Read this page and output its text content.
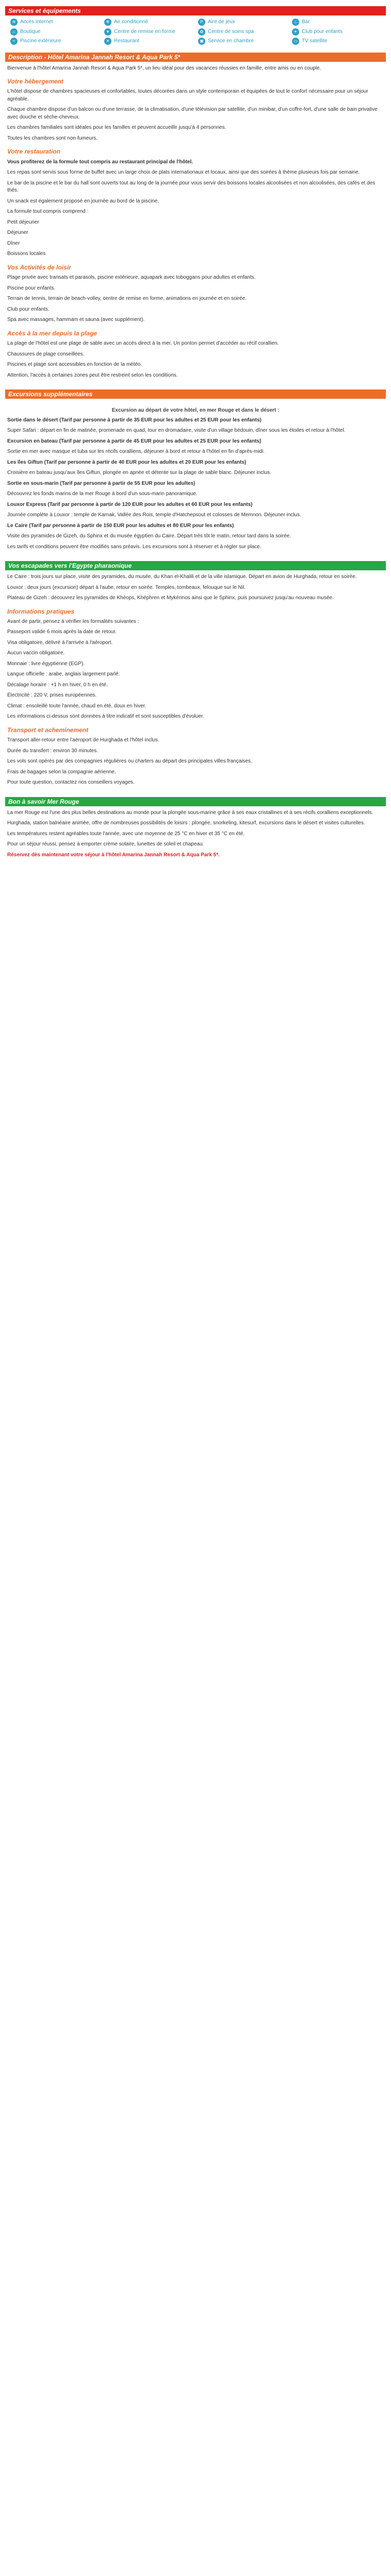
Services et équipements
≋ Accès internet	❄ Air conditionné	P Aire de jeux	♨ Bar
⌂ Boutique	♥ Centre de remise en forme	✿ Centre de soins spa	✦ Club pour enfants
≈ Piscine extérieure	✕ Restaurant	▣ Service en chambre	▭ TV satellite
Description - Hôtel Amarina Jannah Resort & Aqua Park 5*

Bienvenue à l'hôtel Amarina Jannah Resort & Aqua Park 5*, un lieu idéal pour des vacances réussies en famille, entre amis ou en couple.

Votre hébergement

L'hôtel dispose de chambres spacieuses et confortables, toutes décorées dans un style contemporain et équipées de tout le confort nécessaire pour un séjour agréable.

Chaque chambre dispose d'un balcon ou d'une terrasse, de la climatisation, d'une télévision par satellite, d'un minibar, d'un coffre-fort, d'une salle de bain privative avec douche et sèche-cheveux.

Les chambres familiales sont idéales pour les familles et peuvent accueillir jusqu'à 4 personnes.

Toutes les chambres sont non-fumeurs.

Votre restauration

Vous profiterez de la formule tout compris au restaurant principal de l'hôtel.

Les repas sont servis sous forme de buffet avec un large choix de plats internationaux et locaux, ainsi que des soirées à thème plusieurs fois par semaine.

Le bar de la piscine et le bar du hall sont ouverts tout au long de la journée pour vous servir des boissons locales alcoolisées et non alcoolisées, des cafés et des thés.

Un snack est également proposé en journée au bord de la piscine.

La formule tout compris comprend :

Petit déjeuner

Déjeuner

Dîner

Boissons locales

Vos Activités de loisir

Plage privée avec transats et parasols, piscine extérieure, aquapark avec toboggans pour adultes et enfants.

Piscine pour enfants.

Terrain de tennis, terrain de beach-volley, centre de remise en forme, animations en journée et en soirée.

Club pour enfants.

Spa avec massages, hammam et sauna (avec supplément).

Accès à la mer depuis la plage

La plage de l'hôtel est une plage de sable avec un accès direct à la mer. Un ponton permet d'accéder au récif corallien.

Chaussures de plage conseillées.

Piscines et plage sont accessibles en fonction de la météo.

Attention, l'accès à certaines zones peut être restreint selon les conditions.

Excursions supplémentaires
Excursion au départ de votre hôtel, en mer Rouge et dans le désert :

Sortie dans le désert (Tarif par personne à partir de 35 EUR pour les adultes et 25 EUR pour les enfants)

Super Safari : départ en fin de matinée, promenade en quad, tour en dromadaire, visite d'un village bédouin, dîner sous les étoiles et retour à l'hôtel.

Excursion en bateau (Tarif par personne à partir de 45 EUR pour les adultes et 25 EUR pour les enfants)

Sortie en mer avec masque et tuba sur les récifs coralliens, déjeuner à bord et retour à l'hôtel en fin d'après-midi.

Les îles Giftun (Tarif par personne à partir de 40 EUR pour les adultes et 20 EUR pour les enfants)

Croisière en bateau jusqu'aux îles Giftun, plongée en apnée et détente sur la plage de sable blanc. Déjeuner inclus.

Sortie en sous-marin (Tarif par personne à partir de 55 EUR pour les adultes)

Découvrez les fonds marins de la mer Rouge à bord d'un sous-marin panoramique.

Louxor Express (Tarif par personne à partir de 120 EUR pour les adultes et 60 EUR pour les enfants)

Journée complète à Louxor : temple de Karnak, Vallée des Rois, temple d'Hatchepsout et colosses de Memnon. Déjeuner inclus.

Le Caire (Tarif par personne à partir de 150 EUR pour les adultes et 80 EUR pour les enfants)

Visite des pyramides de Gizeh, du Sphinx et du musée égyptien du Caire. Départ très tôt le matin, retour tard dans la soirée.

Les tarifs et conditions peuvent être modifiés sans préavis. Les excursions sont à réserver et à régler sur place.

Vos escapades vers l'Egypte pharaonique

Le Caire : trois jours sur place, visite des pyramides, du musée, du Khan el-Khalili et de la ville islamique. Départ en avion de Hurghada, retour en soirée.

Louxor : deux jours (excursion) départ à l'aube, retour en soirée. Temples, tombeaux, felouque sur le Nil.

Plateau de Gizeh : découvrez les pyramides de Khéops, Khéphren et Mykérinos ainsi que le Sphinx, puis poursuivez jusqu'au nouveau musée.

Informations pratiques

Avant de partir, pensez à vérifier les formalités suivantes :

Passeport valide 6 mois après la date de retour.

Visa obligatoire, délivré à l'arrivée à l'aéroport.

Aucun vaccin obligatoire.

Monnaie : livre égyptienne (EGP).

Langue officielle : arabe, anglais largement parlé.

Décalage horaire : +1 h en hiver, 0 h en été.

Électricité : 220 V, prises européennes.

Climat : ensoleillé toute l'année, chaud en été, doux en hiver.

Les informations ci-dessus sont données à titre indicatif et sont susceptibles d'évoluer.

Transport et acheminement

Transport aller-retour entre l'aéroport de Hurghada et l'hôtel inclus.

Durée du transfert : environ 30 minutes.

Les vols sont opérés par des compagnies régulières ou charters au départ des principales villes françaises.

Frais de bagages selon la compagnie aérienne.

Pour toute question, contactez nos conseillers voyages.

Bon à savoir Mer Rouge

La mer Rouge est l'une des plus belles destinations au monde pour la plongée sous-marine grâce à ses eaux cristallines et à ses récifs coralliens exceptionnels.

Hurghada, station balnéaire animée, offre de nombreuses possibilités de loisirs : plongée, snorkeling, kitesurf, excursions dans le désert et visites culturelles.

Les températures restent agréables toute l'année, avec une moyenne de 25 °C en hiver et 35 °C en été.

Pour un séjour réussi, pensez à emporter crème solaire, lunettes de soleil et chapeau.

Réservez dès maintenant votre séjour à l'hôtel Amarina Jannah Resort & Aqua Park 5*.
